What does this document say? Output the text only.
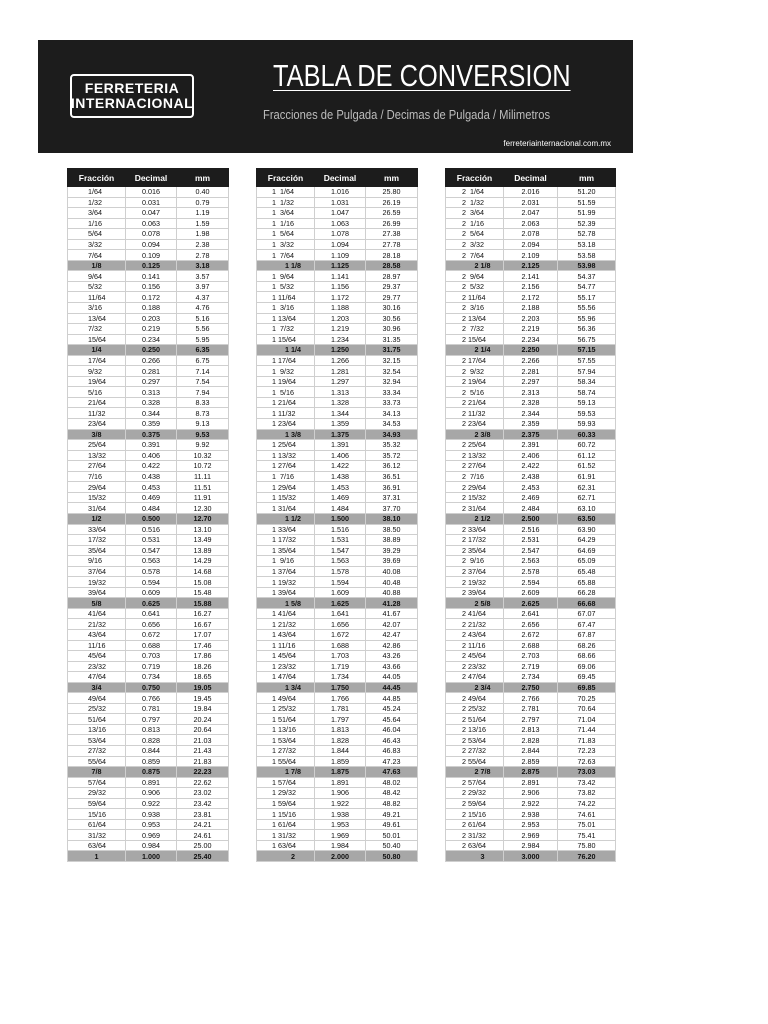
FERRETERIA
INTERNACIONAL
TABLA DE CONVERSION
Fracciones de Pulgada / Decimas de Pulgada / Milimetros
ferreteriainternacional.com.mx
Fracción	Decimal	mm
1/64	0.016	0.40
1/32	0.031	0.79
3/64	0.047	1.19
1/16	0.063	1.59
5/64	0.078	1.98
3/32	0.094	2.38
7/64	0.109	2.78
1/8	0.125	3.18
9/64	0.141	3.57
5/32	0.156	3.97
11/64	0.172	4.37
3/16	0.188	4.76
13/64	0.203	5.16
7/32	0.219	5.56
15/64	0.234	5.95
1/4	0.250	6.35
17/64	0.266	6.75
9/32	0.281	7.14
19/64	0.297	7.54
5/16	0.313	7.94
21/64	0.328	8.33
11/32	0.344	8.73
23/64	0.359	9.13
3/8	0.375	9.53
25/64	0.391	9.92
13/32	0.406	10.32
27/64	0.422	10.72
7/16	0.438	11.11
29/64	0.453	11.51
15/32	0.469	11.91
31/64	0.484	12.30
1/2	0.500	12.70
33/64	0.516	13.10
17/32	0.531	13.49
35/64	0.547	13.89
9/16	0.563	14.29
37/64	0.578	14.68
19/32	0.594	15.08
39/64	0.609	15.48
5/8	0.625	15.88
41/64	0.641	16.27
21/32	0.656	16.67
43/64	0.672	17.07
11/16	0.688	17.46
45/64	0.703	17.86
23/32	0.719	18.26
47/64	0.734	18.65
3/4	0.750	19.05
49/64	0.766	19.45
25/32	0.781	19.84
51/64	0.797	20.24
13/16	0.813	20.64
53/64	0.828	21.03
27/32	0.844	21.43
55/64	0.859	21.83
7/8	0.875	22.23
57/64	0.891	22.62
29/32	0.906	23.02
59/64	0.922	23.42
15/16	0.938	23.81
61/64	0.953	24.21
31/32	0.969	24.61
63/64	0.984	25.00
1	1.000	25.40
Fracción	Decimal	mm
1  1/64	1.016	25.80
1  1/32	1.031	26.19
1  3/64	1.047	26.59
1  1/16	1.063	26.99
1  5/64	1.078	27.38
1  3/32	1.094	27.78
1  7/64	1.109	28.18
1 1/8	1.125	28.58
1  9/64	1.141	28.97
1  5/32	1.156	29.37
1 11/64	1.172	29.77
1  3/16	1.188	30.16
1 13/64	1.203	30.56
1  7/32	1.219	30.96
1 15/64	1.234	31.35
1 1/4	1.250	31.75
1 17/64	1.266	32.15
1  9/32	1.281	32.54
1 19/64	1.297	32.94
1  5/16	1.313	33.34
1 21/64	1.328	33.73
1 11/32	1.344	34.13
1 23/64	1.359	34.53
1 3/8	1.375	34.93
1 25/64	1.391	35.32
1 13/32	1.406	35.72
1 27/64	1.422	36.12
1  7/16	1.438	36.51
1 29/64	1.453	36.91
1 15/32	1.469	37.31
1 31/64	1.484	37.70
1 1/2	1.500	38.10
1 33/64	1.516	38.50
1 17/32	1.531	38.89
1 35/64	1.547	39.29
1  9/16	1.563	39.69
1 37/64	1.578	40.08
1 19/32	1.594	40.48
1 39/64	1.609	40.88
1 5/8	1.625	41.28
1 41/64	1.641	41.67
1 21/32	1.656	42.07
1 43/64	1.672	42.47
1 11/16	1.688	42.86
1 45/64	1.703	43.26
1 23/32	1.719	43.66
1 47/64	1.734	44.05
1 3/4	1.750	44.45
1 49/64	1.766	44.85
1 25/32	1.781	45.24
1 51/64	1.797	45.64
1 13/16	1.813	46.04
1 53/64	1.828	46.43
1 27/32	1.844	46.83
1 55/64	1.859	47.23
1 7/8	1.875	47.63
1 57/64	1.891	48.02
1 29/32	1.906	48.42
1 59/64	1.922	48.82
1 15/16	1.938	49.21
1 61/64	1.953	49.61
1 31/32	1.969	50.01
1 63/64	1.984	50.40
2	2.000	50.80
Fracción	Decimal	mm
2  1/64	2.016	51.20
2  1/32	2.031	51.59
2  3/64	2.047	51.99
2  1/16	2.063	52.39
2  5/64	2.078	52.78
2  3/32	2.094	53.18
2  7/64	2.109	53.58
2 1/8	2.125	53.98
2  9/64	2.141	54.37
2  5/32	2.156	54.77
2 11/64	2.172	55.17
2  3/16	2.188	55.56
2 13/64	2.203	55.96
2  7/32	2.219	56.36
2 15/64	2.234	56.75
2 1/4	2.250	57.15
2 17/64	2.266	57.55
2  9/32	2.281	57.94
2 19/64	2.297	58.34
2  5/16	2.313	58.74
2 21/64	2.328	59.13
2 11/32	2.344	59.53
2 23/64	2.359	59.93
2 3/8	2.375	60.33
2 25/64	2.391	60.72
2 13/32	2.406	61.12
2 27/64	2.422	61.52
2  7/16	2.438	61.91
2 29/64	2.453	62.31
2 15/32	2.469	62.71
2 31/64	2.484	63.10
2 1/2	2.500	63.50
2 33/64	2.516	63.90
2 17/32	2.531	64.29
2 35/64	2.547	64.69
2  9/16	2.563	65.09
2 37/64	2.578	65.48
2 19/32	2.594	65.88
2 39/64	2.609	66.28
2 5/8	2.625	66.68
2 41/64	2.641	67.07
2 21/32	2.656	67.47
2 43/64	2.672	67.87
2 11/16	2.688	68.26
2 45/64	2.703	68.66
2 23/32	2.719	69.06
2 47/64	2.734	69.45
2 3/4	2.750	69.85
2 49/64	2.766	70.25
2 25/32	2.781	70.64
2 51/64	2.797	71.04
2 13/16	2.813	71.44
2 53/64	2.828	71.83
2 27/32	2.844	72.23
2 55/64	2.859	72.63
2 7/8	2.875	73.03
2 57/64	2.891	73.42
2 29/32	2.906	73.82
2 59/64	2.922	74.22
2 15/16	2.938	74.61
2 61/64	2.953	75.01
2 31/32	2.969	75.41
2 63/64	2.984	75.80
3	3.000	76.20
